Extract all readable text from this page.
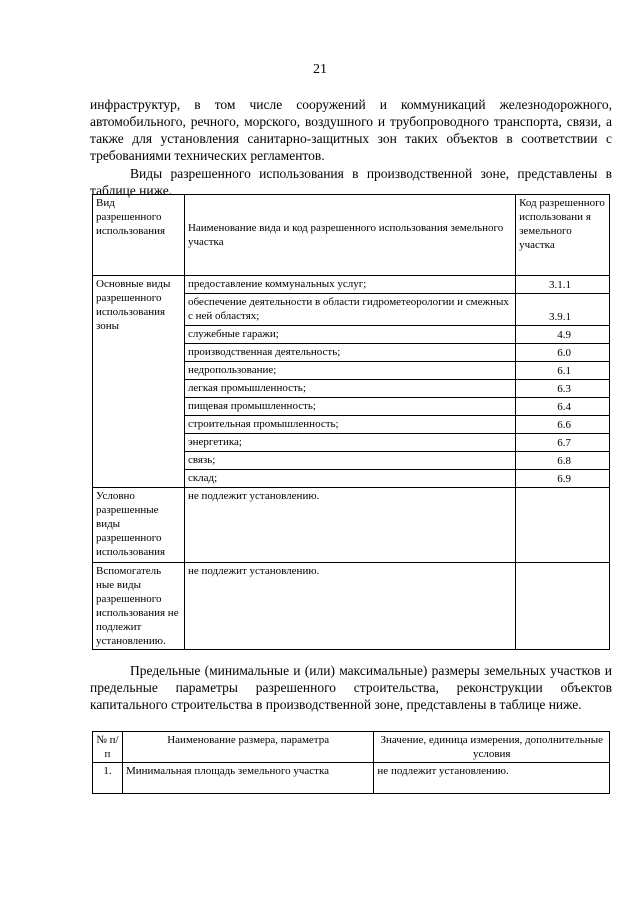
21
инфраструктур, в том числе сооружений и коммуникаций железнодорожного, автомобильного, речного, морского, воздушного и трубопроводного транспорта, связи, а также для установления санитарно-защитных зон таких объектов в соответствии с требованиями технических регламентов.
Виды разрешенного использования в производственной зоне, представлены в таблице ниже.
Вид разрешенного использования	Наименование вида и код разрешенного использования земельного участка	Код разрешенного использовани я земельного участка
Основные виды разрешенного использования зоны	предоставление коммунальных услуг;	3.1.1
	обеспечение деятельности в области гидрометеорологии и смежных с ней областях;	3.9.1
	служебные гаражи;	4.9
	производственная деятельность;	6.0
	недропользование;	6.1
	легкая промышленность;	6.3
	пищевая промышленность;	6.4
	строительная промышленность;	6.6
	энергетика;	6.7
	связь;	6.8
	склад;	6.9
Условно разрешенные виды разрешенного использования	не подлежит установлению.	
Вспомогатель ные виды разрешенного использования не подлежит установлению.	не подлежит установлению.	
Предельные (минимальные и (или) максимальные) размеры земельных участков и предельные параметры разрешенного строительства, реконструкции объектов капитального строительства в производственной зоне, представлены в таблице ниже.
№ п/п	Наименование размера, параметра	Значение, единица измерения, дополнительные условия
1.	Минимальная площадь земельного участка	не подлежит установлению.
